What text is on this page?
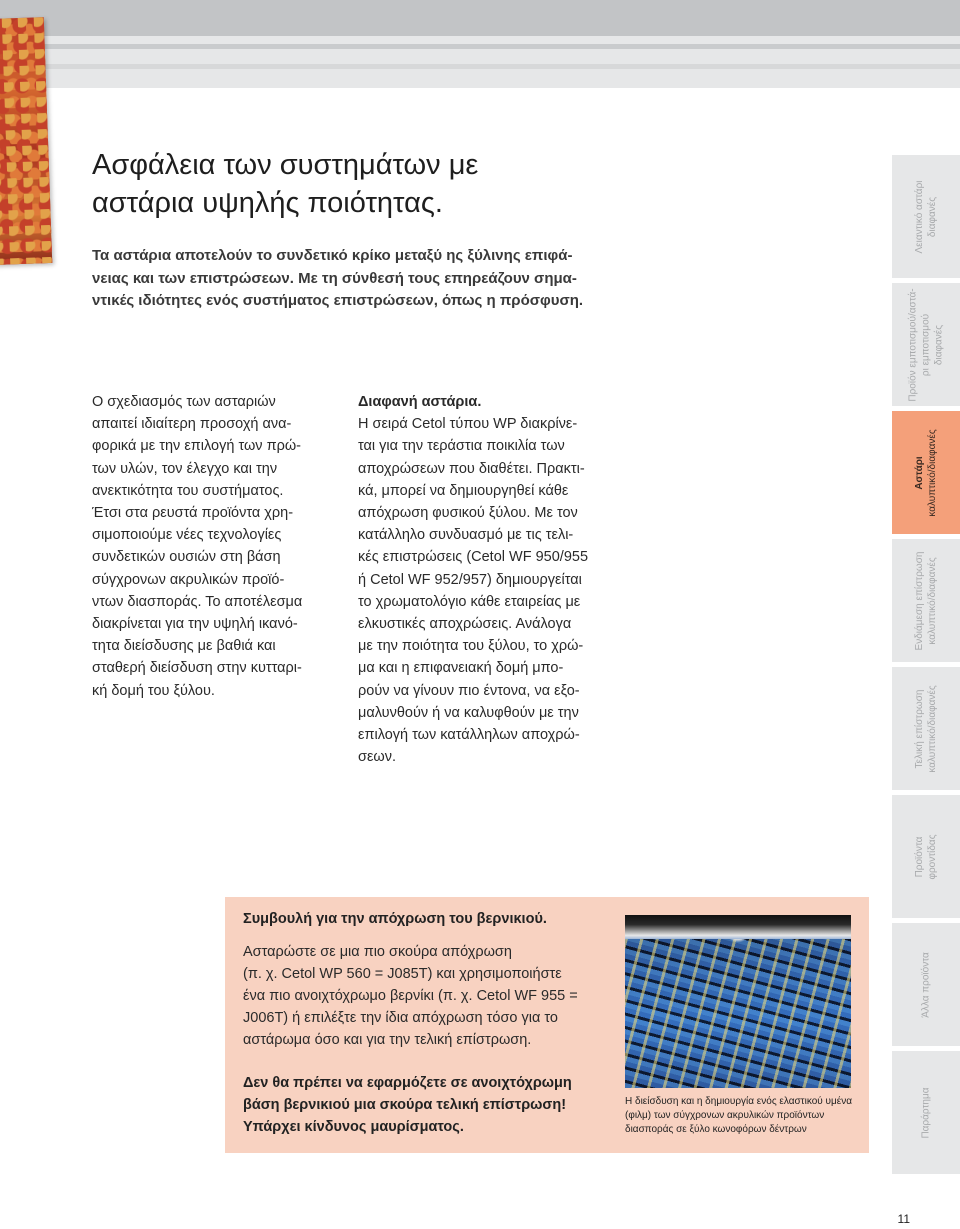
Ασφάλεια των συστημάτων με
αστάρια υψηλής ποιότητας.

Τα αστάρια αποτελούν το συνδετικό κρίκο μεταξύ ης ξύλινης επιφά-
νειας και των επιστρώσεων. Με τη σύνθεσή τους επηρεάζουν σημα-
ντικές ιδιότητες ενός συστήματος επιστρώσεων, όπως η πρόσφυση.

Ο σχεδιασμός των ασταριών
απαιτεί ιδιαίτερη προσοχή ανα-
φορικά με την επιλογή των πρώ-
των υλών, τον έλεγχο και την
ανεκτικότητα του συστήματος.
Έτσι στα ρευστά προϊόντα χρη-
σιμοποιούμε νέες τεχνολογίες
συνδετικών ουσιών στη βάση
σύγχρονων ακρυλικών προϊό-
ντων διασποράς. Το αποτέλεσμα
διακρίνεται για την υψηλή ικανό-
τητα διείσδυσης με βαθιά και
σταθερή διείσδυση στην κυτταρι-
κή δομή του ξύλου.

Διαφανή αστάρια.
Η σειρά Cetol τύπου WP διακρίνε-
ται για την τεράστια ποικιλία των
αποχρώσεων που διαθέτει. Πρακτι-
κά, μπορεί να δημιουργηθεί κάθε
απόχρωση φυσικού ξύλου. Με τον
κατάλληλο συνδυασμό με τις τελι-
κές επιστρώσεις (Cetol WF 950/955
ή Cetol WF 952/957) δημιουργείται
το χρωματολόγιο κάθε εταιρείας με
ελκυστικές αποχρώσεις. Ανάλογα
με την ποιότητα του ξύλου, το χρώ-
μα και η επιφανειακή δομή μπο-
ρούν να γίνουν πιο έντονα, να εξο-
μαλυνθούν ή να καλυφθούν με την
επιλογή των κατάλληλων αποχρώ-
σεων.

Συμβουλή για την απόχρωση του βερνικιού.
Ασταρώστε σε μια πιο σκούρα απόχρωση
(π. χ. Cetol WP 560 = J085T) και χρησιμοποιήστε
ένα πιο ανοιχτόχρωμο βερνίκι (π. χ. Cetol WF 955 =
J006T) ή επιλέξτε την ίδια απόχρωση τόσο για το
αστάρωμα όσο και για την τελική επίστρωση.
Δεν θα πρέπει να εφαρμόζετε σε ανοιχτόχρωμη
βάση βερνικιού μια σκούρα τελική επίστρωση!
Υπάρχει κίνδυνος μαυρίσματος.
Η διείσδυση και η δημιουργία ενός ελαστικού υμένα
(φιλμ) των σύγχρονων ακρυλικών προϊόντων
διασποράς σε ξύλο κωνοφόρων δέντρων
Λειαντικό αστάρι διαφανές
Προϊόν εμποτισμού/αστά- ρι εμποτισμού διαφανές
Αστάρι καλυπτικό/διαφανές
Ενδιάμεση επίστρωση καλυπτικό/διαφανές
Τελική επίστρωση καλυπτικό/διαφανές
Προϊόντα φροντίδας
Άλλα προϊόντα
Παράρτημα
11
